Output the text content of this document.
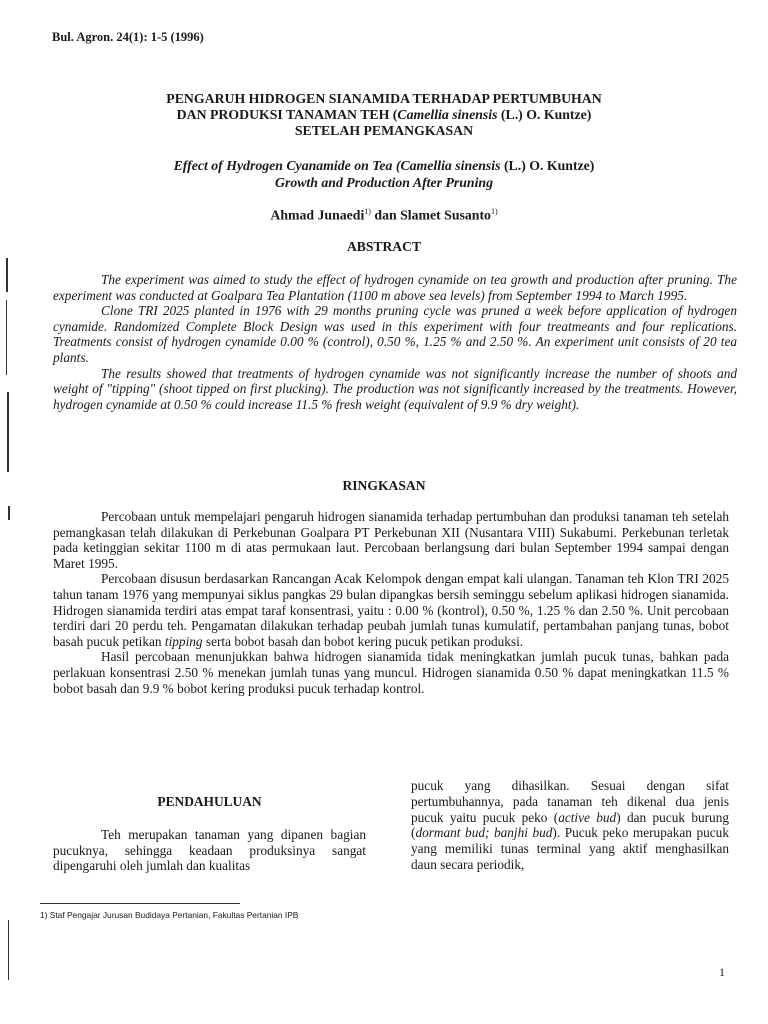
Bul. Agron. 24(1): 1-5 (1996)
PENGARUH HIDROGEN SIANAMIDA TERHADAP PERTUMBUHAN
DAN PRODUKSI TANAMAN TEH (Camellia sinensis (L.) O. Kuntze)
SETELAH PEMANGKASAN
Effect of Hydrogen Cyanamide on Tea (Camellia sinensis (L.) O. Kuntze)
Growth and Production After Pruning
Ahmad Junaedi$^{1)}$ dan Slamet Susanto$^{1)}$
ABSTRACT

The experiment was aimed to study the effect of hydrogen cynamide on tea growth and production after pruning. The experiment was conducted at Goalpara Tea Plantation (1100 m above sea levels) from September 1994 to March 1995.

Clone TRI 2025 planted in 1976 with 29 months pruning cycle was pruned a week before application of hydrogen cynamide. Randomized Complete Block Design was used in this experiment with four treatmeants and four replications. Treatments consist of hydrogen cynamide 0.00 % (control), 0.50 %, 1.25 % and 2.50 %. An experiment unit consists of 20 tea plants.

The results showed that treatments of hydrogen cynamide was not significantly increase the number of shoots and weight of "tipping" (shoot tipped on first plucking). The production was not significantly increased by the treatments. However, hydrogen cynamide at 0.50 % could increase 11.5 % fresh weight (equivalent of 9.9 % dry weight).

RINGKASAN

Percobaan untuk mempelajari pengaruh hidrogen sianamida terhadap pertumbuhan dan produksi tanaman teh setelah pemangkasan telah dilakukan di Perkebunan Goalpara PT Perkebunan XII (Nusantara VIII) Sukabumi. Perkebunan terletak pada ketinggian sekitar 1100 m di atas permukaan laut. Percobaan berlangsung dari bulan September 1994 sampai dengan Maret 1995.

Percobaan disusun berdasarkan Rancangan Acak Kelompok dengan empat kali ulangan. Tanaman teh Klon TRI 2025 tahun tanam 1976 yang mempunyai siklus pangkas 29 bulan dipangkas bersih seminggu sebelum aplikasi hidrogen sianamida. Hidrogen sianamida terdiri atas empat taraf konsentrasi, yaitu : 0.00 % (kontrol), 0.50 %, 1.25 % dan 2.50 %. Unit percobaan terdiri dari 20 perdu teh. Pengamatan dilakukan terhadap peubah jumlah tunas kumulatif, pertambahan panjang tunas, bobot basah pucuk petikan tipping serta bobot basah dan bobot kering pucuk petikan produksi.

Hasil percobaan menunjukkan bahwa hidrogen sianamida tidak meningkatkan jumlah pucuk tunas, bahkan pada perlakuan konsentrasi 2.50 % menekan jumlah tunas yang muncul. Hidrogen sianamida 0.50 % dapat meningkatkan 11.5 % bobot basah dan 9.9 % bobot kering produksi pucuk terhadap kontrol.

PENDAHULUAN

Teh merupakan tanaman yang dipanen bagian pucuknya, sehingga keadaan produksinya sangat dipengaruhi oleh jumlah dan kualitas

pucuk yang dihasilkan. Sesuai dengan sifat pertumbuhannya, pada tanaman teh dikenal dua jenis pucuk yaitu pucuk peko (active bud) dan pucuk burung (dormant bud; banjhi bud). Pucuk peko merupakan pucuk yang memiliki tunas terminal yang aktif menghasilkan daun secara periodik,

1) Staf Pengajar Jurusan Budidaya Pertanian, Fakultas Pertanian IPB
1
